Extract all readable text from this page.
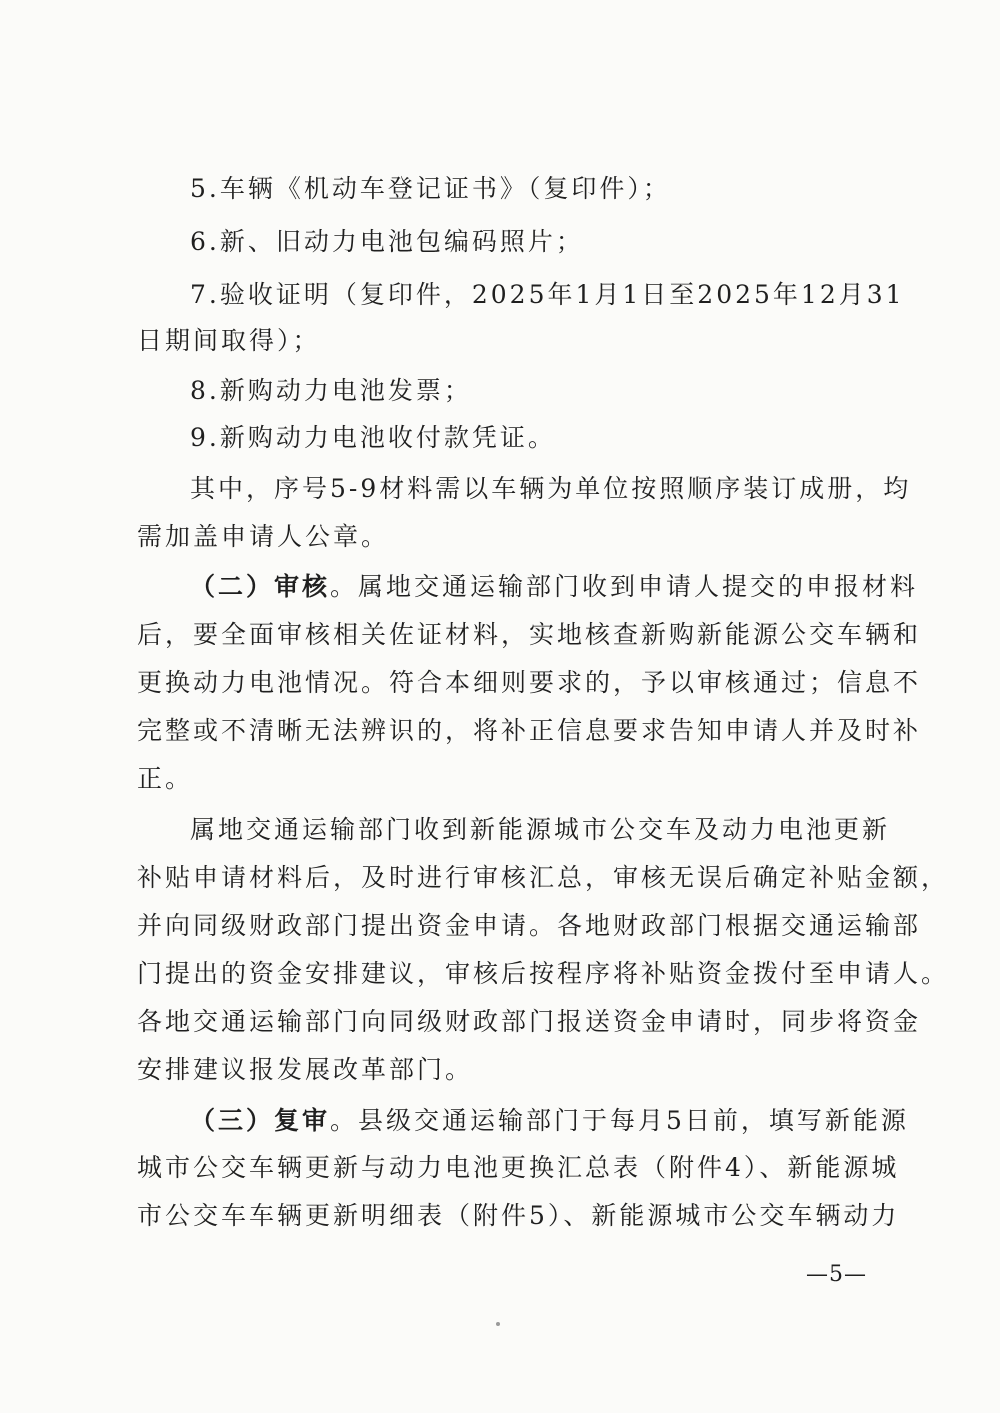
5.车辆《机动车登记证书》（复印件）；
6.新、旧动力电池包编码照片；
7.验收证明（复印件，2025年1月1日至2025年12月31
日期间取得）；
8.新购动力电池发票；
9.新购动力电池收付款凭证。
其中，序号5-9材料需以车辆为单位按照顺序装订成册，均
需加盖申请人公章。
（二）审核。属地交通运输部门收到申请人提交的申报材料
后，要全面审核相关佐证材料，实地核查新购新能源公交车辆和
更换动力电池情况。符合本细则要求的，予以审核通过；信息不
完整或不清晰无法辨识的，将补正信息要求告知申请人并及时补
正。
属地交通运输部门收到新能源城市公交车及动力电池更新
补贴申请材料后，及时进行审核汇总，审核无误后确定补贴金额，
并向同级财政部门提出资金申请。各地财政部门根据交通运输部
门提出的资金安排建议，审核后按程序将补贴资金拨付至申请人。
各地交通运输部门向同级财政部门报送资金申请时，同步将资金
安排建议报发展改革部门。
（三）复审。县级交通运输部门于每月5日前，填写新能源
城市公交车辆更新与动力电池更换汇总表（附件4）、新能源城
市公交车车辆更新明细表（附件5）、新能源城市公交车辆动力
—5—
